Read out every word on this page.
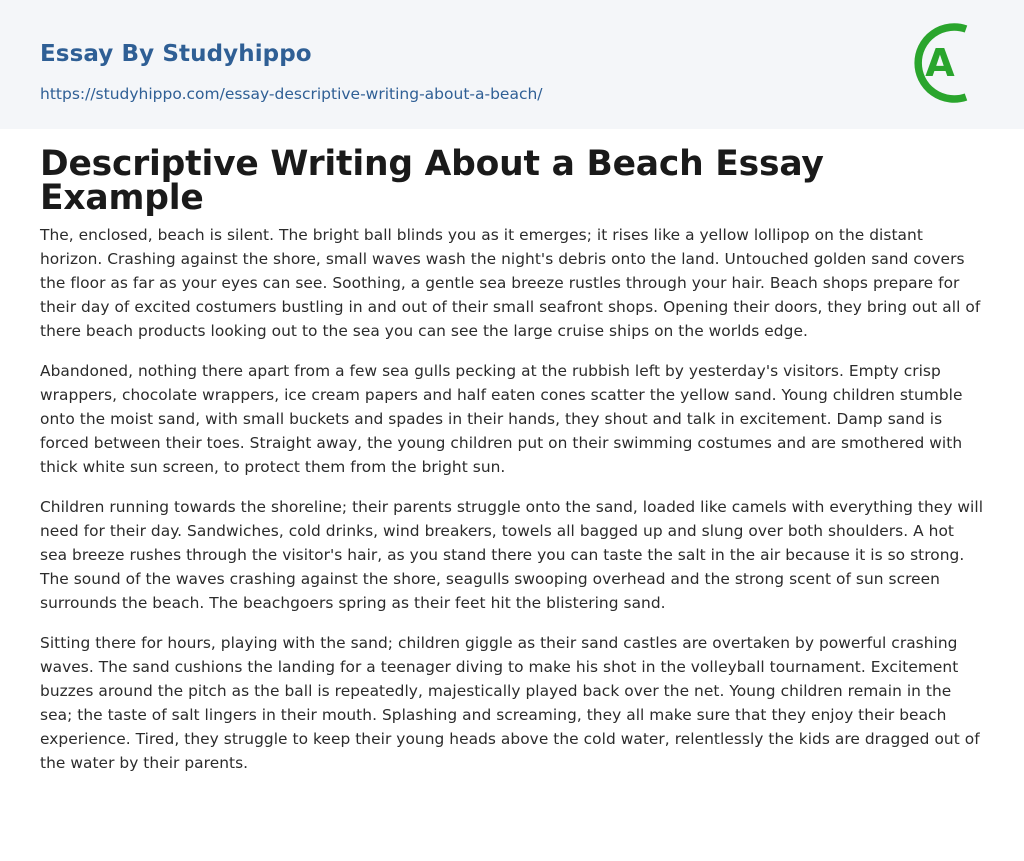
Essay By Studyhippo
https://studyhippo.com/essay-descriptive-writing-about-a-beach/
A
Descriptive Writing About a Beach Essay Example

The, enclosed, beach is silent. The bright ball blinds you as it emerges; it rises like a yellow lollipop on the distant horizon. Crashing against the shore, small waves wash the night's debris onto the land. Untouched golden sand covers the floor as far as your eyes can see. Soothing, a gentle sea breeze rustles through your hair. Beach shops prepare for their day of excited costumers bustling in and out of their small seafront shops. Opening their doors, they bring out all of there beach products looking out to the sea you can see the large cruise ships on the worlds edge.

Abandoned, nothing there apart from a few sea gulls pecking at the rubbish left by yesterday's visitors. Empty crisp wrappers, chocolate wrappers, ice cream papers and half eaten cones scatter the yellow sand. Young children stumble onto the moist sand, with small buckets and spades in their hands, they shout and talk in excitement. Damp sand is forced between their toes. Straight away, the young children put on their swimming costumes and are smothered with thick white sun screen, to protect them from the bright sun.

Children running towards the shoreline; their parents struggle onto the sand, loaded like camels with everything they will need for their day. Sandwiches, cold drinks, wind breakers, towels all bagged up and slung over both shoulders. A hot sea breeze rushes through the visitor's hair, as you stand there you can taste the salt in the air because it is so strong. The sound of the waves crashing against the shore, seagulls swooping overhead and the strong scent of sun screen surrounds the beach. The beachgoers spring as their feet hit the blistering sand.

Sitting there for hours, playing with the sand; children giggle as their sand castles are overtaken by powerful crashing waves. The sand cushions the landing for a teenager diving to make his shot in the volleyball tournament. Excitement buzzes around the pitch as the ball is repeatedly, majestically played back over the net. Young children remain in the sea; the taste of salt lingers in their mouth. Splashing and screaming, they all make sure that they enjoy their beach experience. Tired, they struggle to keep their young heads above the cold water, relentlessly the kids are dragged out of the water by their parents.
